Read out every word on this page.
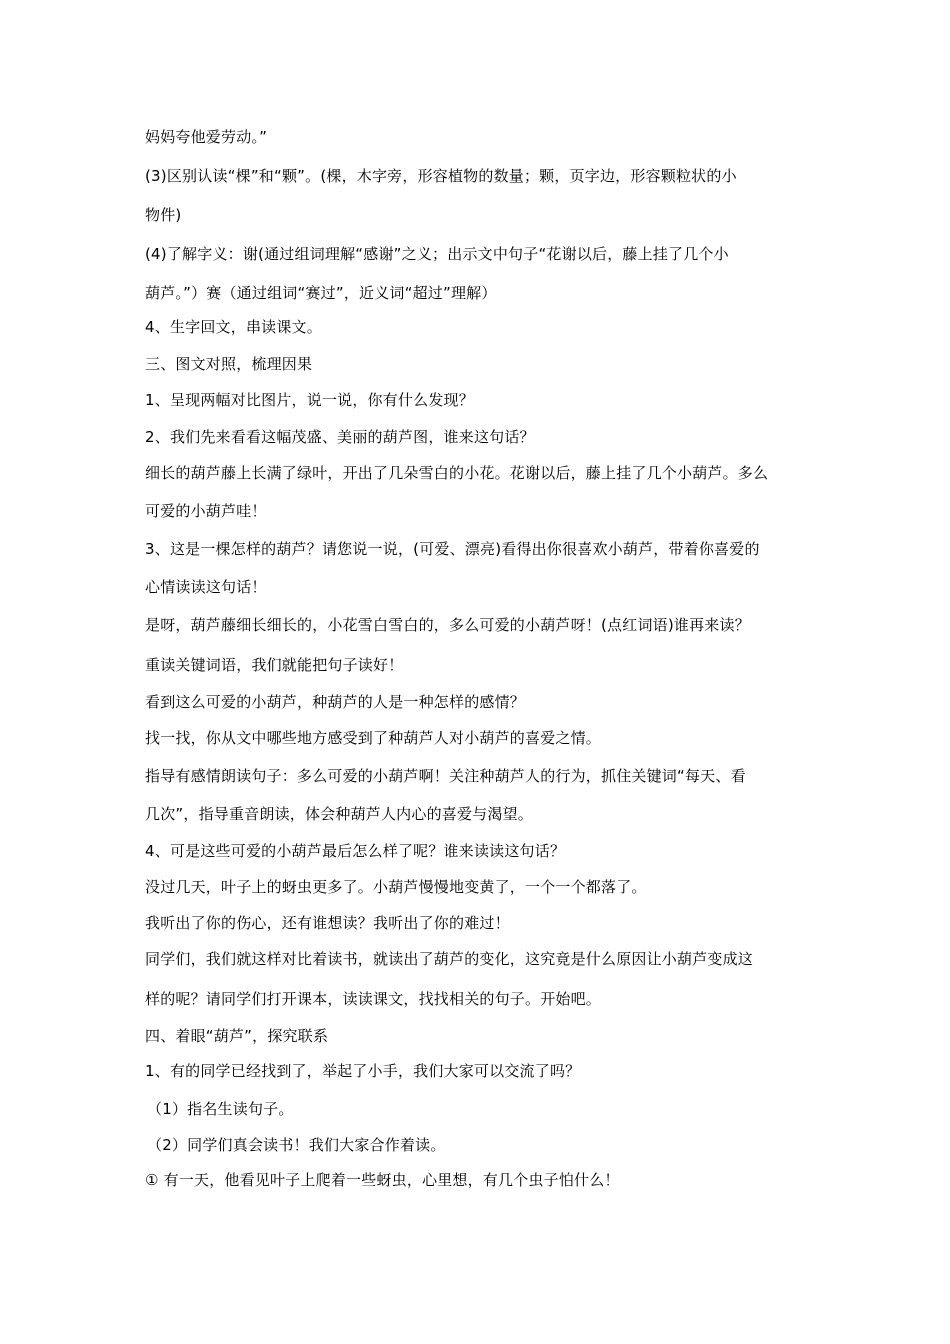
妈妈夸他爱劳动。”

(3)区别认读“棵”和“颗”。(棵，木字旁，形容植物的数量；颗，页字边，形容颗粒状的小

物件)

(4)了解字义：谢(通过组词理解“感谢”之义；出示文中句子“花谢以后，藤上挂了几个小

葫芦。”）赛（通过组词“赛过”，近义词“超过”理解）

4、生字回文，串读课文。

三、图文对照，梳理因果

1、呈现两幅对比图片，说一说，你有什么发现？

2、我们先来看看这幅茂盛、美丽的葫芦图，谁来这句话？

细长的葫芦藤上长满了绿叶，开出了几朵雪白的小花。花谢以后，藤上挂了几个小葫芦。多么

可爱的小葫芦哇！

3、这是一棵怎样的葫芦？请您说一说，(可爱、漂亮)看得出你很喜欢小葫芦，带着你喜爱的

心情读读这句话！

是呀，葫芦藤细长细长的，小花雪白雪白的，多么可爱的小葫芦呀！(点红词语)谁再来读？

重读关键词语，我们就能把句子读好！

看到这么可爱的小葫芦，种葫芦的人是一种怎样的感情？

找一找，你从文中哪些地方感受到了种葫芦人对小葫芦的喜爱之情。

指导有感情朗读句子：多么可爱的小葫芦啊！关注种葫芦人的行为，抓住关键词“每天、看

几次”，指导重音朗读，体会种葫芦人内心的喜爱与渴望。

4、可是这些可爱的小葫芦最后怎么样了呢？谁来读读这句话？

没过几天，叶子上的蚜虫更多了。小葫芦慢慢地变黄了，一个一个都落了。

我听出了你的伤心，还有谁想读？我听出了你的难过！

同学们，我们就这样对比着读书，就读出了葫芦的变化，这究竟是什么原因让小葫芦变成这

样的呢？请同学们打开课本，读读课文，找找相关的句子。开始吧。

四、着眼“葫芦”，探究联系

1、有的同学已经找到了，举起了小手，我们大家可以交流了吗？

（1）指名生读句子。

（2）同学们真会读书！我们大家合作着读。

① 有一天，他看见叶子上爬着一些蚜虫，心里想，有几个虫子怕什么！
